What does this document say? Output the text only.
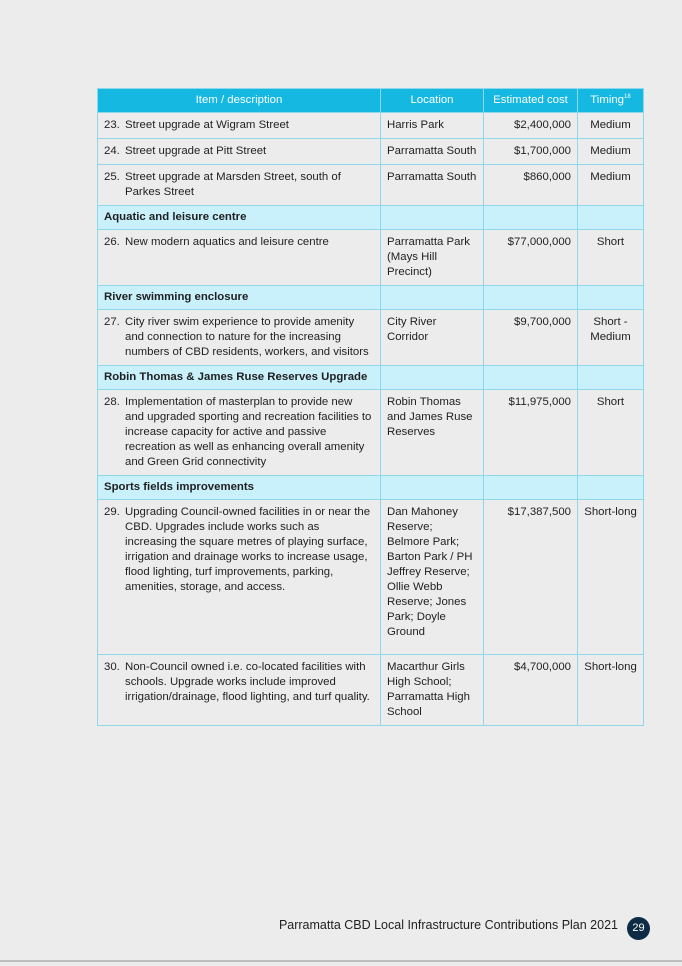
Item / description	Location	Estimated cost	Timing$^{18}$

23. Street upgrade at Wigram Street	Harris Park	$2,400,000	Medium

24. Street upgrade at Pitt Street	Parramatta South	$1,700,000	Medium

25. Street upgrade at Marsden Street, south of Parkes Street	Parramatta South	$860,000	Medium
Aquatic and leisure centre			

26. New modern aquatics and leisure centre	Parramatta Park (Mays Hill Precinct)	$77,000,000	Short
River swimming enclosure			

27. City river swim experience to provide amenity and connection to nature for the increasing numbers of CBD residents, workers, and visitors	City River Corridor	$9,700,000	Short - Medium
Robin Thomas & James Ruse Reserves Upgrade			

28. Implementation of masterplan to provide new and upgraded sporting and recreation facilities to increase capacity for active and passive recreation as well as enhancing overall amenity and Green Grid connectivity	Robin Thomas and James Ruse Reserves	$11,975,000	Short
Sports fields improvements			

29. Upgrading Council-owned facilities in or near the CBD. Upgrades include works such as increasing the square metres of playing surface, irrigation and drainage works to increase usage, flood lighting, turf improvements, parking, amenities, storage, and access.	Dan Mahoney Reserve; Belmore Park; Barton Park / PH Jeffrey Reserve; Ollie Webb Reserve; Jones Park; Doyle Ground	$17,387,500	Short-long

30. Non-Council owned i.e. co-located facilities with schools. Upgrade works include improved irrigation/drainage, flood lighting, and turf quality.	Macarthur Girls High School; Parramatta High School	$4,700,000	Short-long
Parramatta CBD Local Infrastructure Contributions Plan 2021	29
